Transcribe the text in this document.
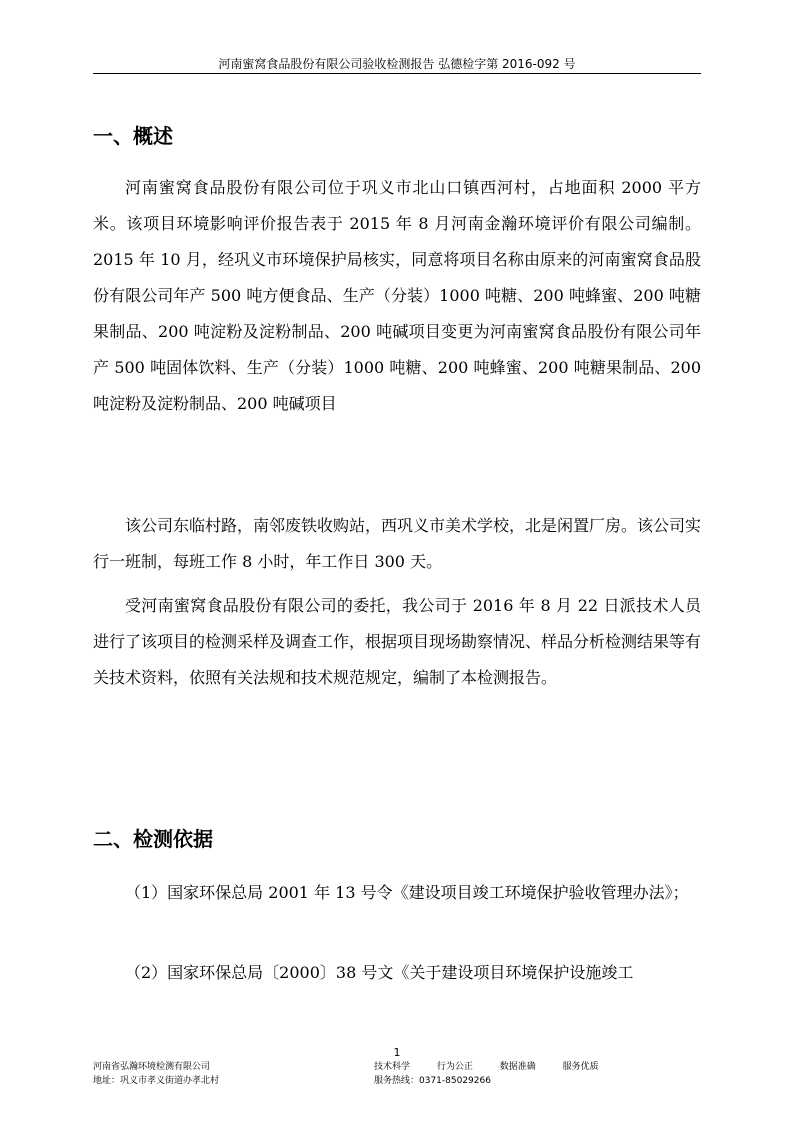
河南蜜窝食品股份有限公司验收检测报告 弘德检字第 2016-092 号
一、概述

河南蜜窝食品股份有限公司位于巩义市北山口镇西河村，占地面积 2000 平方米。该项目环境影响评价报告表于 2015 年 8 月河南金瀚环境评价有限公司编制。2015 年 10 月，经巩义市环境保护局核实，同意将项目名称由原来的河南蜜窝食品股份有限公司年产 500 吨方便食品、生产（分装）1000 吨糖、200 吨蜂蜜、200 吨糖果制品、200 吨淀粉及淀粉制品、200 吨碱项目变更为河南蜜窝食品股份有限公司年产 500 吨固体饮料、生产（分装）1000 吨糖、200 吨蜂蜜、200 吨糖果制品、200 吨淀粉及淀粉制品、200 吨碱项目

该公司东临村路，南邻废铁收购站，西巩义市美术学校，北是闲置厂房。该公司实行一班制，每班工作 8 小时，年工作日 300 天。

受河南蜜窝食品股份有限公司的委托，我公司于 2016 年 8 月 22 日派技术人员进行了该项目的检测采样及调查工作，根据项目现场勘察情况、样品分析检测结果等有关技术资料，依照有关法规和技术规范规定，编制了本检测报告。

二、检测依据

（1）国家环保总局 2001 年 13 号令《建设项目竣工环境保护验收管理办法》；

（2）国家环保总局〔2000〕38 号文《关于建设项目环境保护设施竣工

1
河南省弘瀚环境检测有限公司
地址：巩义市孝义街道办孝北村
技术科学	行为公正	数据准确	服务优质
服务热线：0371-85029266
